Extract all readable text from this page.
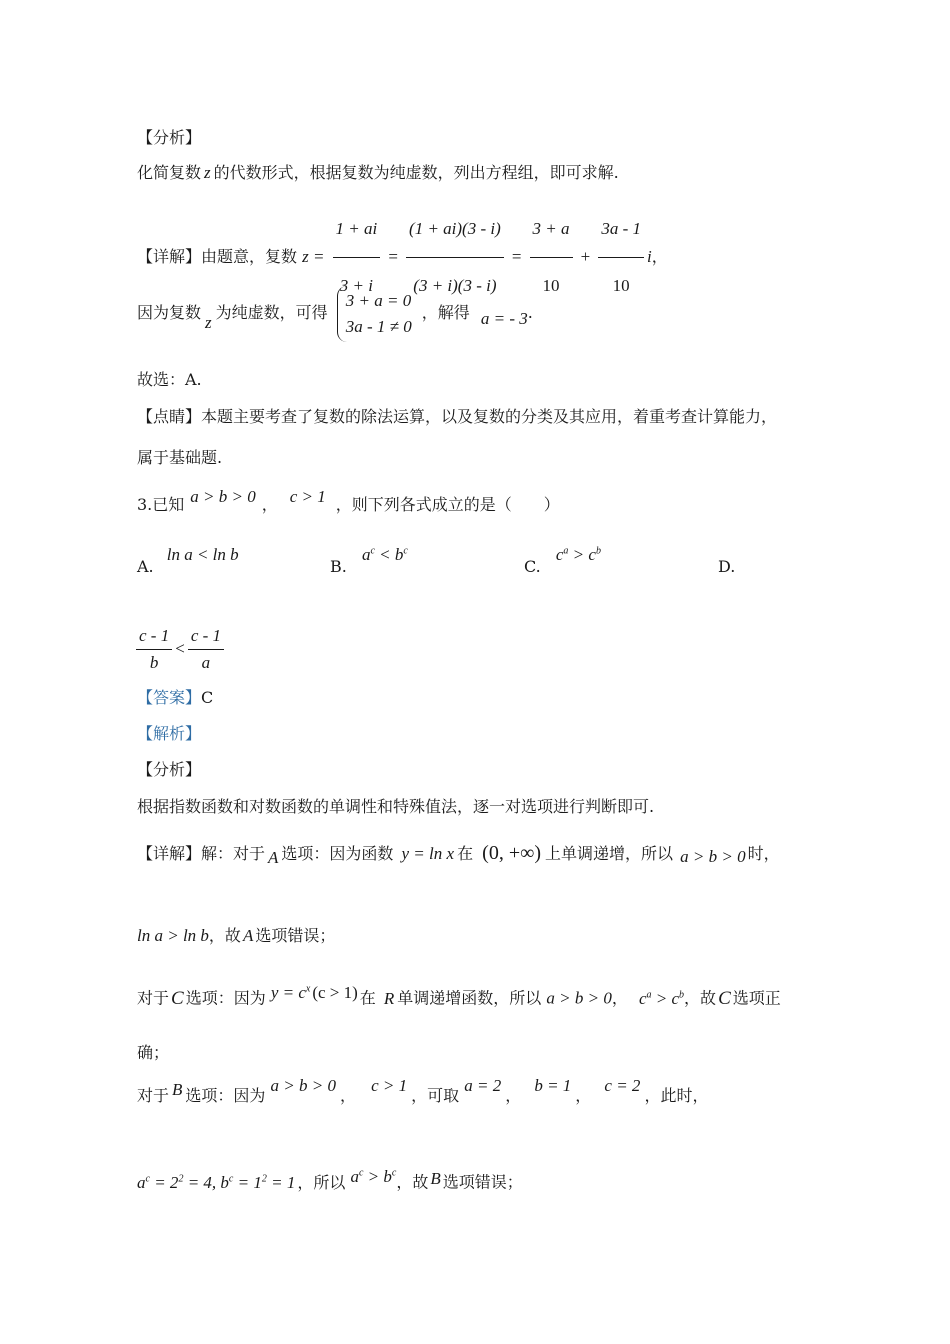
【分析】
化简复数 z 的代数形式，根据复数为纯虚数，列出方程组，即可求解.
【详解】由题意，复数 $z = \frac{1 + ai}{3 + i} = \frac{(1 + ai)(3 - i)}{(3 + i)(3 - i)} = \frac{3 + a}{10} + \frac{3a - 1}{10}$ i，
因为复数z为纯虚数，可得
3 + a = 0
3a - 1 ≠ 0
，解得 a = - 3.
故选：A.
【点睛】本题主要考查了复数的除法运算，以及复数的分类及其应用，着重考查计算能力，
属于基础题.
3.已知 a > b > 0 ， c > 1 ，则下列各式成立的是（　　）
A. ln a < ln b
B. $a^c < b^c$
C. $c^a > c^b$
D.
$\frac{c - 1}{b} < \frac{c - 1}{a}$
【答案】C
【解析】
【分析】
根据指数函数和对数函数的单调性和特殊值法，逐一对选项进行判断即可.
【详解】解：对于 A 选项：因为函数 y = ln x 在 (0, +∞) 上单调递增，所以 a > b > 0 时，
ln a > ln b，故 A 选项错误；
对于 C 选项：因为 $y = c^x$ (c > 1) 在 R 单调递增函数，所以 a > b > 0， $c^a > c^b$，故 C 选项正
确；
对于 B 选项：因为 a > b > 0， c > 1，可取 a = 2， b = 1， c = 2，此时，
$a^c = 2^2 = 4$, $b^c = 1^2 = 1$ ，所以 $a^c > b^c$，故 B 选项错误；
